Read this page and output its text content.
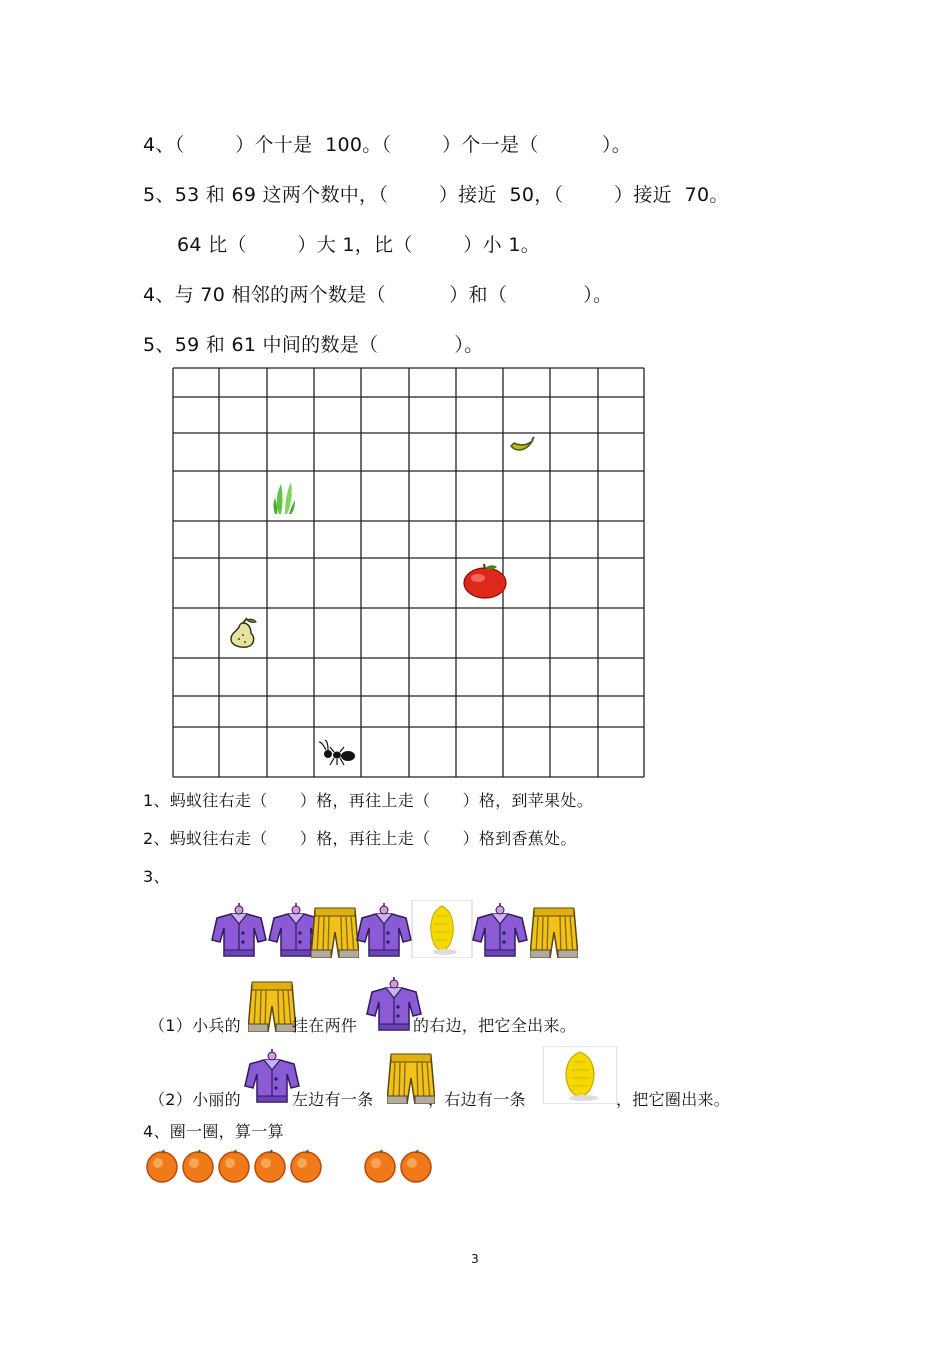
4、（        ）个十是  100。（        ）个一是（          ）。
5、53 和 69 这两个数中，（        ）接近  50，（        ）接近  70。
64 比（        ）大 1，比（        ）小 1。
4、与 70 相邻的两个数是（          ）和（            ）。
5、59 和 61 中间的数是（            ）。
1、蚂蚁往右走（      ）格，再往上走（      ）格，到苹果处。
2、蚂蚁往右走（      ）格，再往上走（      ）格到香蕉处。
3、
（1）小兵的	挂在两件	的右边，把它全出来。
（2）小丽的	左边有一条	，右边有一条	，把它圈出来。
4、圈一圈，算一算
3
